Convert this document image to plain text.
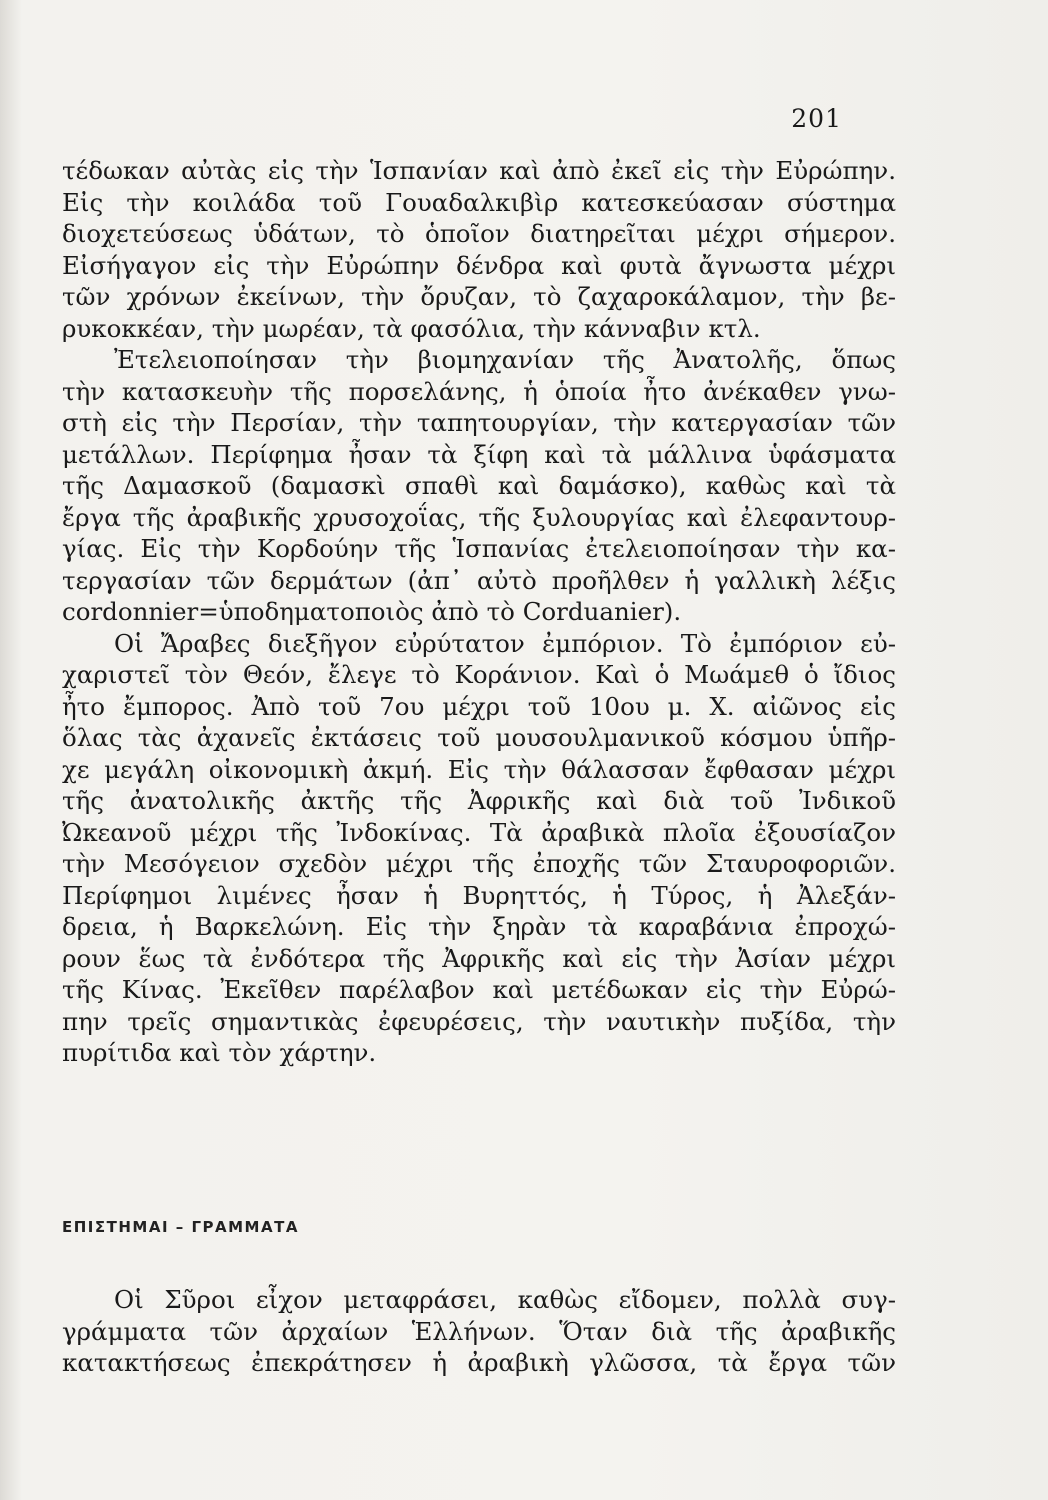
201
τέδωκαν αὐτὰς εἰς τὴν Ἱσπανίαν καὶ ἀπὸ ἐκεῖ εἰς τὴν Εὐρώπην.
Εἰς τὴν κοιλάδα τοῦ Γουαδαλκιβὶρ κατεσκεύασαν σύστημα
διοχετεύσεως ὑδάτων, τὸ ὁποῖον διατηρεῖται μέχρι σήμερον.
Εἰσήγαγον εἰς τὴν Εὐρώπην δένδρα καὶ φυτὰ ἄγνωστα μέχρι
τῶν χρόνων ἐκείνων, τὴν ὄρυζαν, τὸ ζαχαροκάλαμον, τὴν βε-
ρυκοκκέαν, τὴν μωρέαν, τὰ φασόλια, τὴν κάνναβιν κτλ.
Ἐτελειοποίησαν τὴν βιομηχανίαν τῆς Ἀνατολῆς, ὅπως
τὴν κατασκευὴν τῆς πορσελάνης, ἡ ὁποία ἦτο ἀνέκαθεν γνω-
στὴ εἰς τὴν Περσίαν, τὴν ταπητουργίαν, τὴν κατεργασίαν τῶν
μετάλλων. Περίφημα ἦσαν τὰ ξίφη καὶ τὰ μάλλινα ὑφάσματα
τῆς Δαμασκοῦ (δαμασκὶ σπαθὶ καὶ δαμάσκο), καθὼς καὶ τὰ
ἔργα τῆς ἀραβικῆς χρυσοχοΐας, τῆς ξυλουργίας καὶ ἐλεφαντουρ-
γίας. Εἰς τὴν Κορδούην τῆς Ἱσπανίας ἐτελειοποίησαν τὴν κα-
τεργασίαν τῶν δερμάτων (ἀπ᾿ αὐτὸ προῆλθεν ἡ γαλλικὴ λέξις
cordonnier=ὑποδηματοποιὸς ἀπὸ τὸ Corduanier).
Οἱ Ἄραβες διεξῆγον εὐρύτατον ἐμπόριον. Τὸ ἐμπόριον εὐ-
χαριστεῖ τὸν Θεόν, ἔλεγε τὸ Κοράνιον. Καὶ ὁ Μωάμεθ ὁ ἴδιος
ἦτο ἔμπορος. Ἀπὸ τοῦ 7ου μέχρι τοῦ 10ου μ. Χ. αἰῶνος εἰς
ὅλας τὰς ἀχανεῖς ἐκτάσεις τοῦ μουσουλμανικοῦ κόσμου ὑπῆρ-
χε μεγάλη οἰκονομικὴ ἀκμή. Εἰς τὴν θάλασσαν ἔφθασαν μέχρι
τῆς ἀνατολικῆς ἀκτῆς τῆς Ἀφρικῆς καὶ διὰ τοῦ Ἰνδικοῦ
Ὠκεανοῦ μέχρι τῆς Ἰνδοκίνας. Τὰ ἀραβικὰ πλοῖα ἐξουσίαζον
τὴν Μεσόγειον σχεδὸν μέχρι τῆς ἐποχῆς τῶν Σταυροφοριῶν.
Περίφημοι λιμένες ἦσαν ἡ Βυρηττός, ἡ Τύρος, ἡ Ἀλεξάν-
δρεια, ἡ Βαρκελώνη. Εἰς τὴν ξηρὰν τὰ καραβάνια ἐπροχώ-
ρουν ἕως τὰ ἐνδότερα τῆς Ἀφρικῆς καὶ εἰς τὴν Ἀσίαν μέχρι
τῆς Κίνας. Ἐκεῖθεν παρέλαβον καὶ μετέδωκαν εἰς τὴν Εὐρώ-
πην τρεῖς σημαντικὰς ἐφευρέσεις, τὴν ναυτικὴν πυξίδα, τὴν
πυρίτιδα καὶ τὸν χάρτην.
ΕΠΙΣΤΗΜΑΙ – ΓΡΑΜΜΑΤΑ
Οἱ Σῦροι εἶχον μεταφράσει, καθὼς εἴδομεν, πολλὰ συγ-
γράμματα τῶν ἀρχαίων Ἑλλήνων. Ὅταν διὰ τῆς ἀραβικῆς
κατακτήσεως ἐπεκράτησεν ἡ ἀραβικὴ γλῶσσα, τὰ ἔργα τῶν
